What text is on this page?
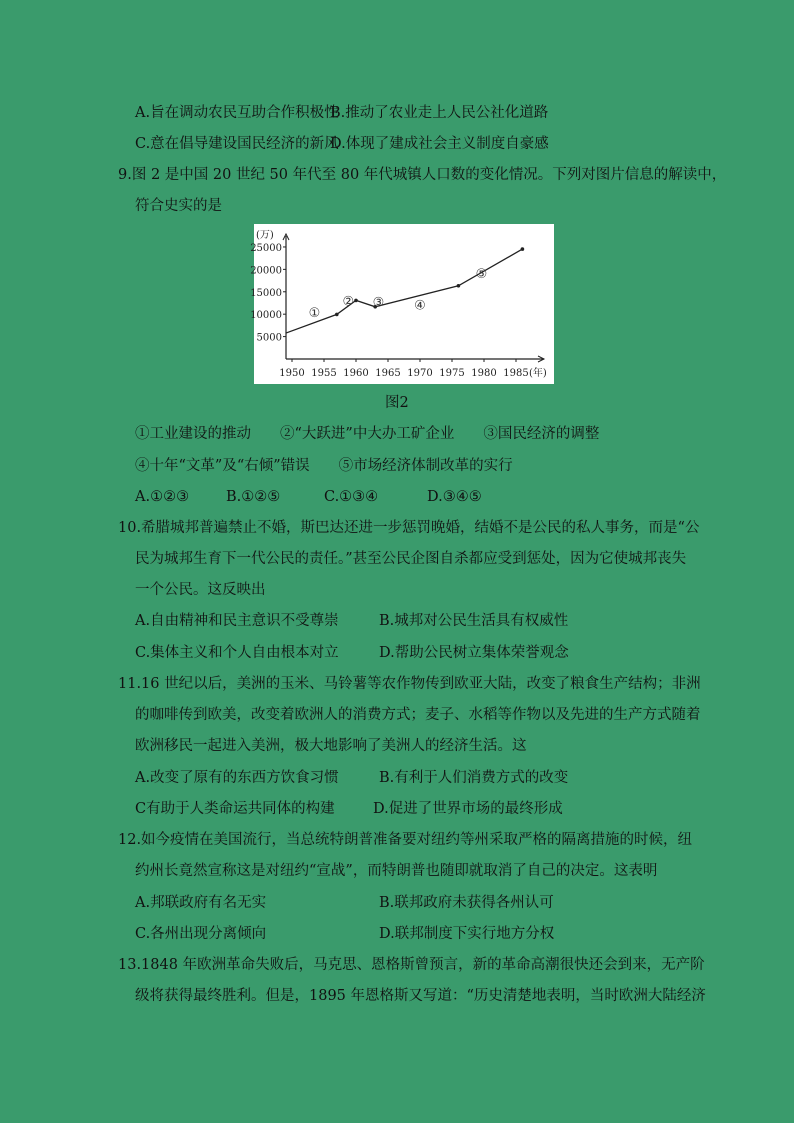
A.旨在调动农民互助合作积极性
B.推动了农业走上人民公社化道路
C.意在倡导建设国民经济的新风
D.体现了建成社会主义制度自豪感
9.图 2 是中国 20 世纪 50 年代至 80 年代城镇人口数的变化情况。下列对图片信息的解读中，
符合史实的是
(万)
(年)
5000
10000
15000
20000
25000
1950 1955 1960 1965 1970 1975 1980 1985
①
② ③ ④
⑤
图2
①工业建设的推动　　②“大跃进”中大办工矿企业　　③国民经济的调整
④十年“文革”及“右倾”错误　　⑤市场经济体制改革的实行
A.①②③	B.①②⑤	C.①③④	D.③④⑤
10.希腊城邦普遍禁止不婚，斯巴达还进一步惩罚晚婚，结婚不是公民的私人事务，而是“公
民为城邦生育下一代公民的责任。”甚至公民企图自杀都应受到惩处，因为它使城邦丧失
一个公民。这反映出
A.自由精神和民主意识不受尊崇	B.城邦对公民生活具有权威性
C.集体主义和个人自由根本对立	D.帮助公民树立集体荣誉观念
11.16 世纪以后，美洲的玉米、马铃薯等农作物传到欧亚大陆，改变了粮食生产结构；非洲
的咖啡传到欧美，改变着欧洲人的消费方式；麦子、水稻等作物以及先进的生产方式随着
欧洲移民一起进入美洲，极大地影响了美洲人的经济生活。这
A.改变了原有的东西方饮食习惯	B.有利于人们消费方式的改变
C有助于人类命运共同体的构建	D.促进了世界市场的最终形成
12.如今疫情在美国流行，当总统特朗普准备要对纽约等州采取严格的隔离措施的时候，纽
约州长竟然宣称这是对纽约“宣战”，而特朗普也随即就取消了自己的决定。这表明
A.邦联政府有名无实	B.联邦政府未获得各州认可
C.各州出现分离倾向	D.联邦制度下实行地方分权
13.1848 年欧洲革命失败后，马克思、恩格斯曾预言，新的革命高潮很快还会到来，无产阶
级将获得最终胜利。但是，1895 年恩格斯又写道：“历史清楚地表明，当时欧洲大陆经济
